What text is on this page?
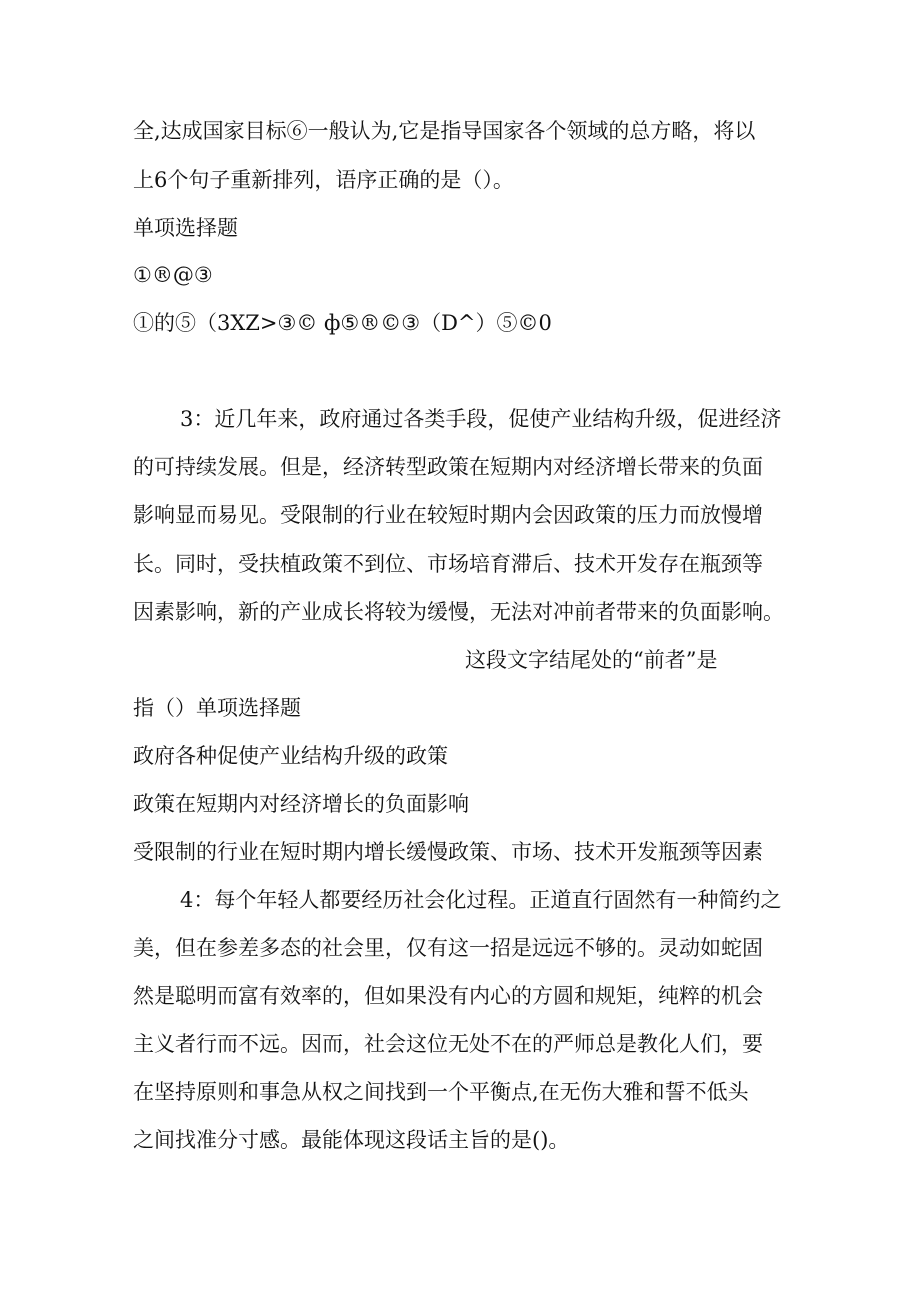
全,达成国家目标⑥一般认为,它是指导国家各个领域的总方略，将以
上6个句子重新排列，语序正确的是（）。
单项选择题
①®@③
①的⑤（3XZ>③© ф⑤®©③（D^）⑤©0
3：近几年来，政府通过各类手段，促使产业结构升级，促进经济
的可持续发展。但是，经济转型政策在短期内对经济增长带来的负面
影响显而易见。受限制的行业在较短时期内会因政策的压力而放慢增
长。同时，受扶植政策不到位、市场培育滞后、技术开发存在瓶颈等
因素影响，新的产业成长将较为缓慢，无法对冲前者带来的负面影响。
这段文字结尾处的“前者”是
指（）单项选择题
政府各种促使产业结构升级的政策
政策在短期内对经济增长的负面影响
受限制的行业在短时期内增长缓慢政策、市场、技术开发瓶颈等因素
4：每个年轻人都要经历社会化过程。正道直行固然有一种简约之
美，但在参差多态的社会里，仅有这一招是远远不够的。灵动如蛇固
然是聪明而富有效率的，但如果没有内心的方圆和规矩，纯粹的机会
主义者行而不远。因而，社会这位无处不在的严师总是教化人们，要
在坚持原则和事急从权之间找到一个平衡点,在无伤大雅和誓不低头
之间找准分寸感。最能体现这段话主旨的是()。
